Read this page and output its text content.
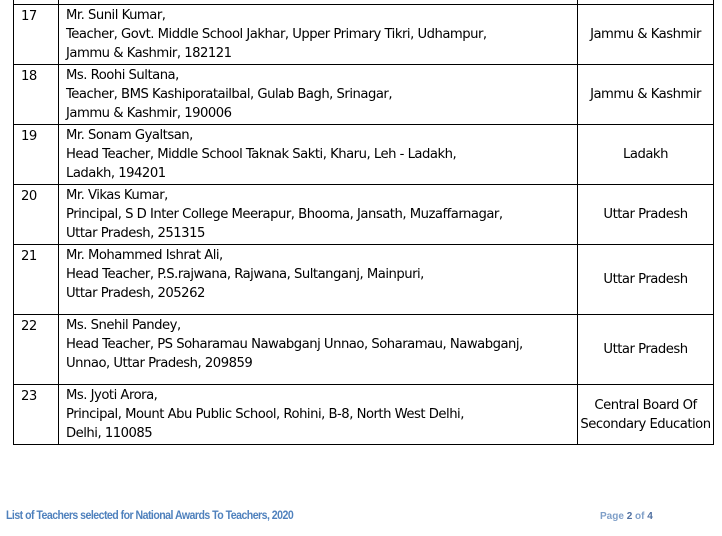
17	Mr. Sunil Kumar,
Teacher, Govt. Middle School Jakhar, Upper Primary Tikri, Udhampur,
Jammu & Kashmir, 182121	Jammu & Kashmir
18	Ms. Roohi Sultana,
Teacher, BMS Kashiporatailbal, Gulab Bagh, Srinagar,
Jammu & Kashmir, 190006	Jammu & Kashmir
19	Mr. Sonam Gyaltsan,
Head Teacher, Middle School Taknak Sakti, Kharu, Leh - Ladakh,
Ladakh, 194201	Ladakh
20	Mr. Vikas Kumar,
Principal, S D Inter College Meerapur, Bhooma, Jansath, Muzaffarnagar,
Uttar Pradesh, 251315	Uttar Pradesh
21	Mr. Mohammed Ishrat Ali,
Head Teacher, P.S.rajwana, Rajwana, Sultanganj, Mainpuri,
Uttar Pradesh, 205262	Uttar Pradesh
22	Ms. Snehil Pandey,
Head Teacher, PS Soharamau Nawabganj Unnao, Soharamau, Nawabganj,
Unnao, Uttar Pradesh, 209859	Uttar Pradesh
23	Ms. Jyoti Arora,
Principal, Mount Abu Public School, Rohini, B-8, North West Delhi,
Delhi, 110085	Central Board Of Secondary Education
List of Teachers selected for National Awards To Teachers, 2020	Page 2 of 4
